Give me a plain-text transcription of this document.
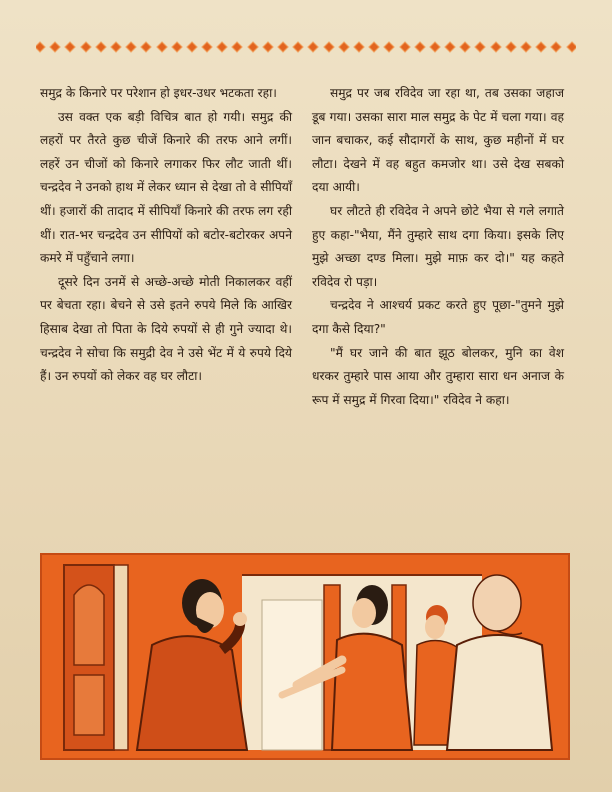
समुद्र के किनारे पर परेशान हो इधर-उधर भटकता रहा।

उस वक्त एक बड़ी विचित्र बात हो गयी। समुद्र की लहरों पर तैरते कुछ चीजें किनारे की तरफ आने लगीं। लहरें उन चीजों को किनारे लगाकर फिर लौट जाती थीं। चन्द्रदेव ने उनको हाथ में लेकर ध्यान से देखा तो वे सीपियाँ थीं। हजारों की तादाद में सीपियाँ किनारे की तरफ लग रही थीं। रात-भर चन्द्रदेव उन सीपियों को बटोर-बटोरकर अपने कमरे में पहुँचाने लगा।

दूसरे दिन उनमें से अच्छे-अच्छे मोती निकालकर वहीं पर बेचता रहा। बेचने से उसे इतने रुपये मिले कि आखिर हिसाब देखा तो पिता के दिये रुपयों से ही गुने ज्यादा थे। चन्द्रदेव ने सोचा कि समुद्री देव ने उसे भेंट में ये रुपये दिये हैं। उन रुपयों को लेकर वह घर लौटा।

समुद्र पर जब रविदेव जा रहा था, तब उसका जहाज डूब गया। उसका सारा माल समुद्र के पेट में चला गया। वह जान बचाकर, कई सौदागरों के साथ, कुछ महीनों में घर लौटा। देखने में वह बहुत कमजोर था। उसे देख सबको दया आयी।

घर लौटते ही रविदेव ने अपने छोटे भैया से गले लगाते हुए कहा-"भैया, मैंने तुम्हारे साथ दगा किया। इसके लिए मुझे अच्छा दण्ड मिला। मुझे माफ़ कर दो।" यह कहते रविदेव रो पड़ा।

चन्द्रदेव ने आश्चर्य प्रकट करते हुए पूछा-"तुमने मुझे दगा कैसे दिया?"

"मैं घर जाने की बात झूठ बोलकर, मुनि का वेश धरकर तुम्हारे पास आया और तुम्हारा सारा धन अनाज के रूप में समुद्र में गिरवा दिया।" रविदेव ने कहा।
